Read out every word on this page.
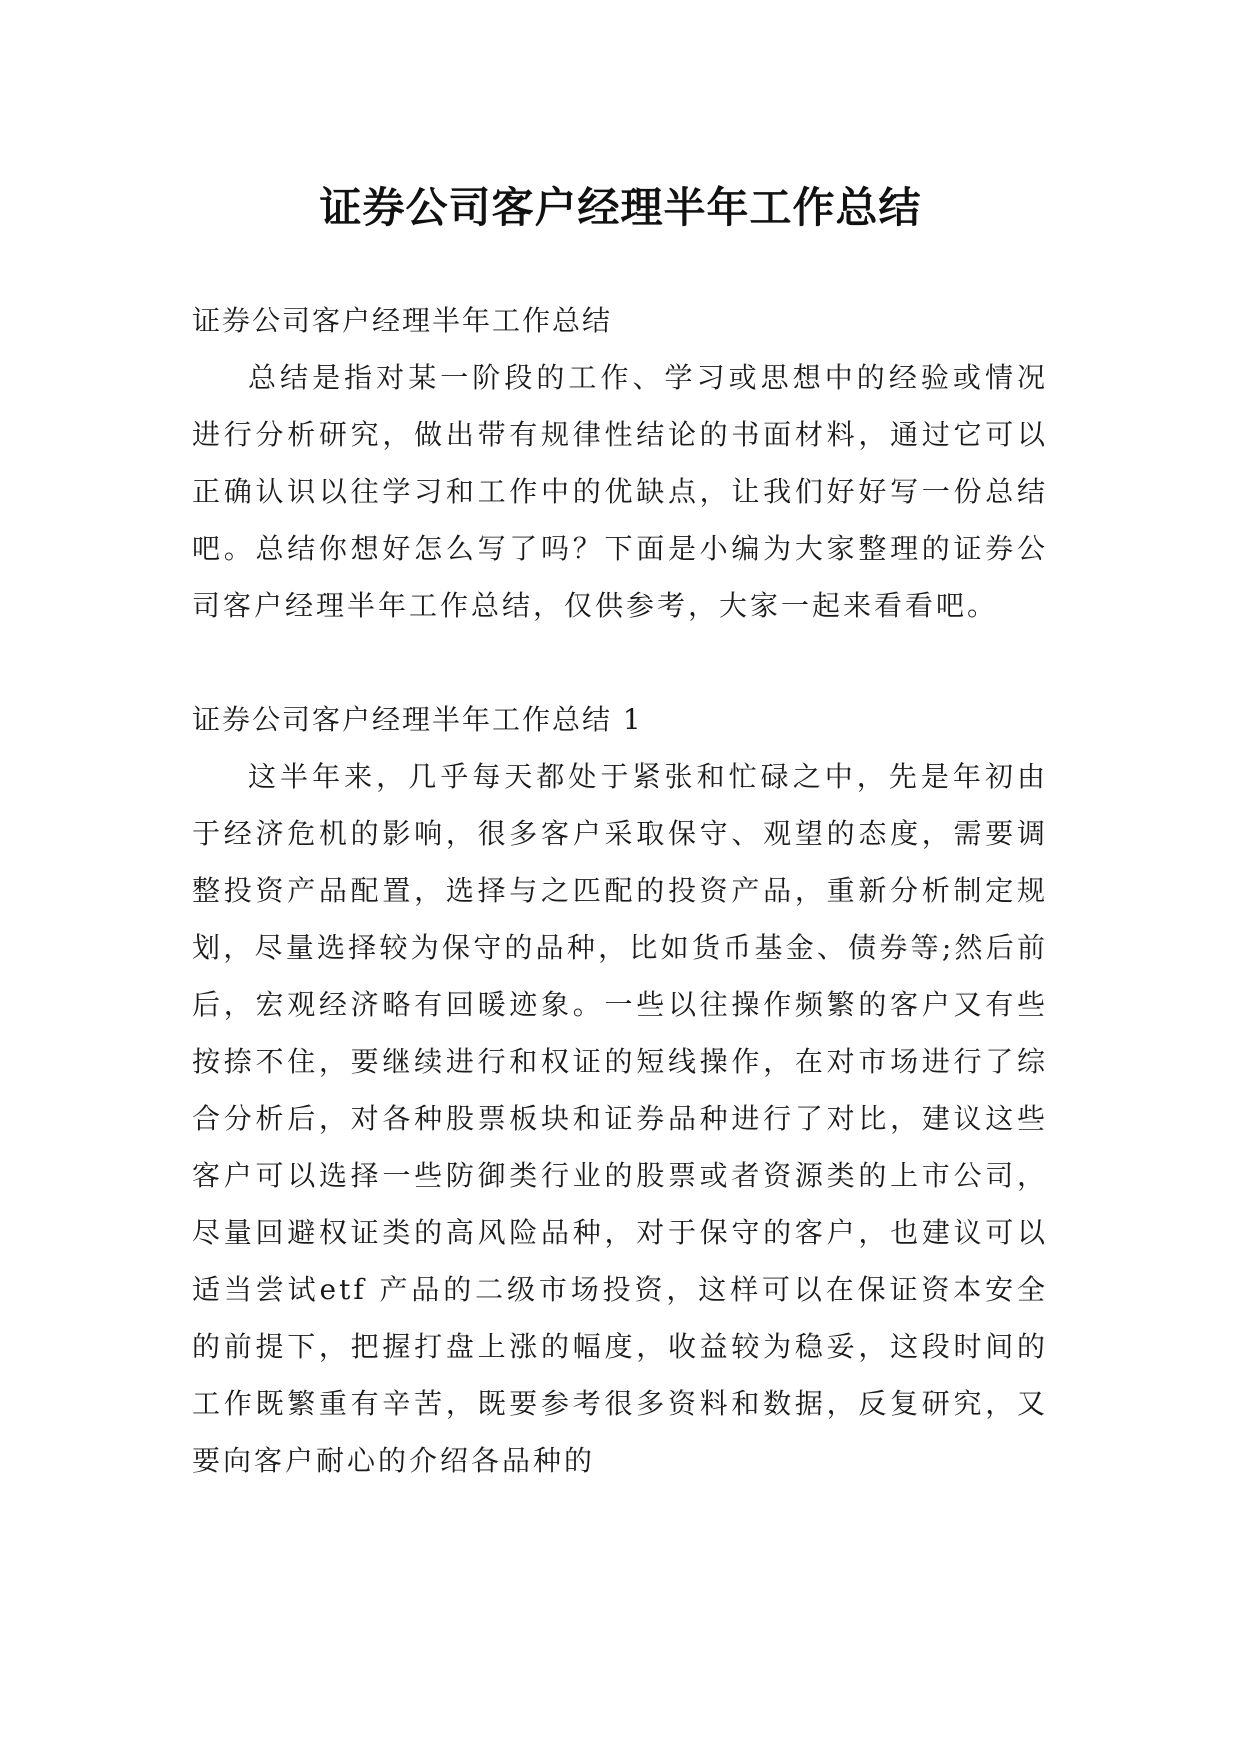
证券公司客户经理半年工作总结

证券公司客户经理半年工作总结

总结是指对某一阶段的工作、学习或思想中的经验或情况进行分析研究，做出带有规律性结论的书面材料，通过它可以正确认识以往学习和工作中的优缺点，让我们好好写一份总结吧。总结你想好怎么写了吗？下面是小编为大家整理的证券公司客户经理半年工作总结，仅供参考，大家一起来看看吧。

证券公司客户经理半年工作总结 1

这半年来，几乎每天都处于紧张和忙碌之中，先是年初由于经济危机的影响，很多客户采取保守、观望的态度，需要调整投资产品配置，选择与之匹配的投资产品，重新分析制定规划，尽量选择较为保守的品种，比如货币基金、债券等;然后前后，宏观经济略有回暖迹象。一些以往操作频繁的客户又有些按捺不住，要继续进行和权证的短线操作，在对市场进行了综合分析后，对各种股票板块和证券品种进行了对比，建议这些客户可以选择一些防御类行业的股票或者资源类的上市公司，尽量回避权证类的高风险品种，对于保守的客户，也建议可以适当尝试etf 产品的二级市场投资，这样可以在保证资本安全的前提下，把握打盘上涨的幅度，收益较为稳妥，这段时间的工作既繁重有辛苦，既要参考很多资料和数据，反复研究，又要向客户耐心的介绍各品种的
